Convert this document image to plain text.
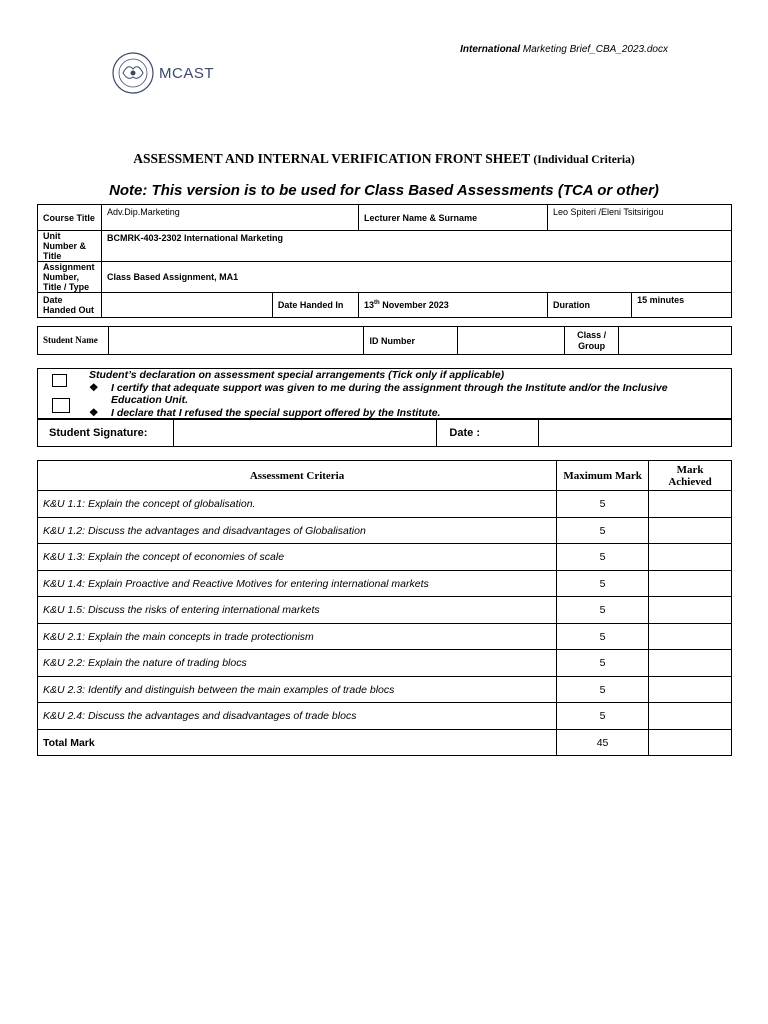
International Marketing Brief_CBA_2023.docx
MCAST
ASSESSMENT AND INTERNAL VERIFICATION FRONT SHEET (Individual Criteria)
Note: This version is to be used for Class Based Assessments (TCA or other)
Course Title	Adv.Dip.Marketing		Lecturer Name & Surname	Leo Spiteri /Eleni Tsitsirigou	
Unit Number & Title	BCMRK-403-2302 International Marketing				
Assignment Number, Title / Type	Class Based Assignment, MA1				
Date Handed Out		Date Handed In	13th November 2023	Duration	15 minutes
Student Name		ID Number		Class / Group	
Student’s declaration on assessment special arrangements (Tick only if applicable)
❖	I certify that adequate support was given to me during the assignment through the Institute and/or the Inclusive Education Unit.
❖	I declare that I refused the special support offered by the Institute.
Student Signature:		Date :	
Assessment Criteria	Maximum Mark	Mark Achieved
K&U 1.1: Explain the concept of globalisation.	5	
K&U 1.2: Discuss the advantages and disadvantages of Globalisation	5	
K&U 1.3: Explain the concept of economies of scale	5	
K&U 1.4: Explain Proactive and Reactive Motives for entering international markets	5	
K&U 1.5: Discuss the risks of entering international markets	5	
K&U 2.1: Explain the main concepts in trade protectionism	5	
K&U 2.2: Explain the nature of trading blocs	5	
K&U 2.3: Identify and distinguish between the main examples of trade blocs	5	
K&U 2.4: Discuss the advantages and disadvantages of trade blocs	5	
Total Mark	45	
